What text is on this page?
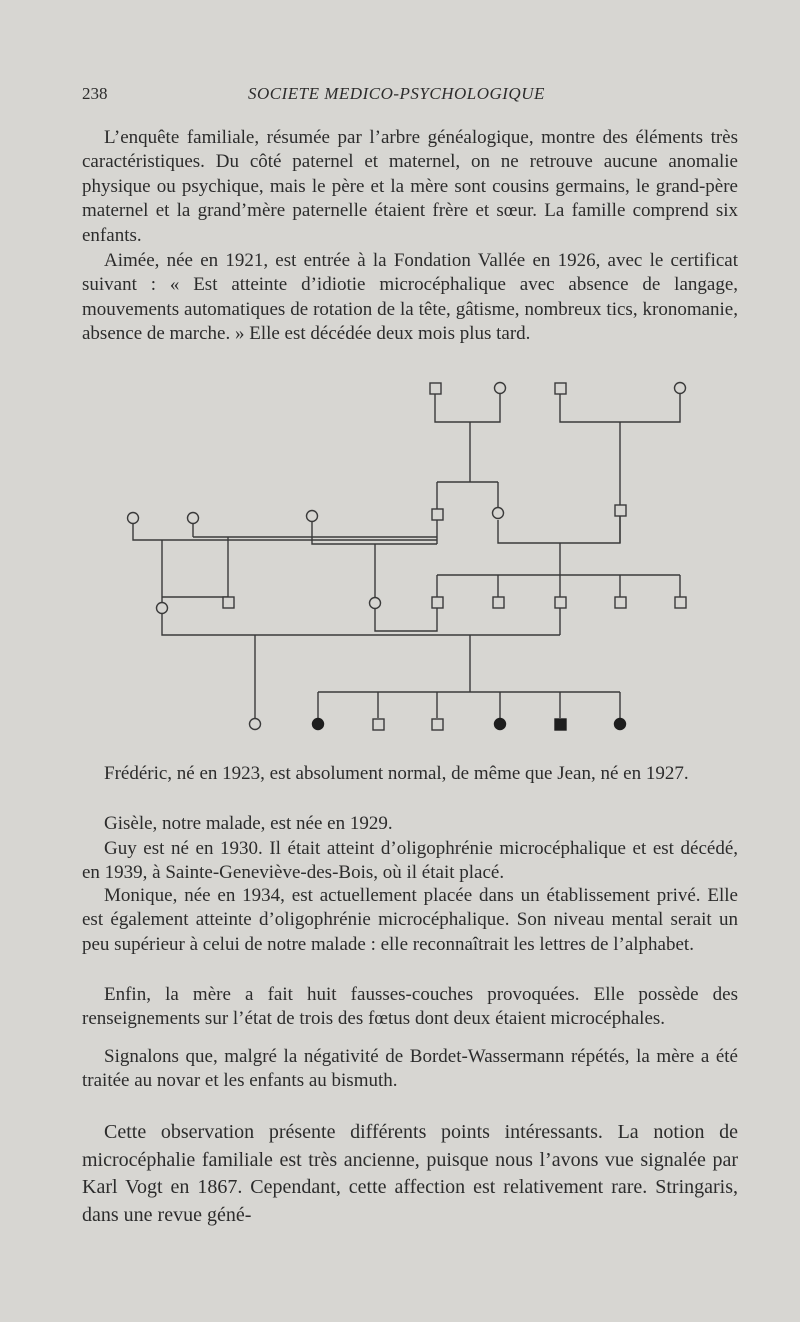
238	SOCIETE MEDICO-PSYCHOLOGIQUE

L’enquête familiale, résumée par l’arbre généalogique, montre des éléments très caractéristiques. Du côté paternel et maternel, on ne retrouve aucune anomalie physique ou psychique, mais le père et la mère sont cousins germains, le grand-père maternel et la grand’mère paternelle étaient frère et sœur. La famille comprend six enfants.

Aimée, née en 1921, est entrée à la Fondation Vallée en 1926, avec le certificat suivant : « Est atteinte d’idiotie microcéphalique avec absence de langage, mouvements automatiques de rotation de la tête, gâtisme, nombreux tics, kronomanie, absence de marche. » Elle est décédée deux mois plus tard.

Frédéric, né en 1923, est absolument normal, de même que Jean, né en 1927.

Gisèle, notre malade, est née en 1929.

Guy est né en 1930. Il était atteint d’oligophrénie microcéphalique et est décédé, en 1939, à Sainte-Geneviève-des-Bois, où il était placé.

Monique, née en 1934, est actuellement placée dans un établissement privé. Elle est également atteinte d’oligophrénie microcéphalique. Son niveau mental serait un peu supérieur à celui de notre malade : elle reconnaîtrait les lettres de l’alphabet.

Enfin, la mère a fait huit fausses-couches provoquées. Elle possède des renseignements sur l’état de trois des fœtus dont deux étaient microcéphales.

Signalons que, malgré la négativité de Bordet-Wassermann répétés, la mère a été traitée au novar et les enfants au bismuth.

Cette observation présente différents points intéressants. La notion de microcéphalie familiale est très ancienne, puisque nous l’avons vue signalée par Karl Vogt en 1867. Cependant, cette affection est relativement rare. Stringaris, dans une revue géné-
